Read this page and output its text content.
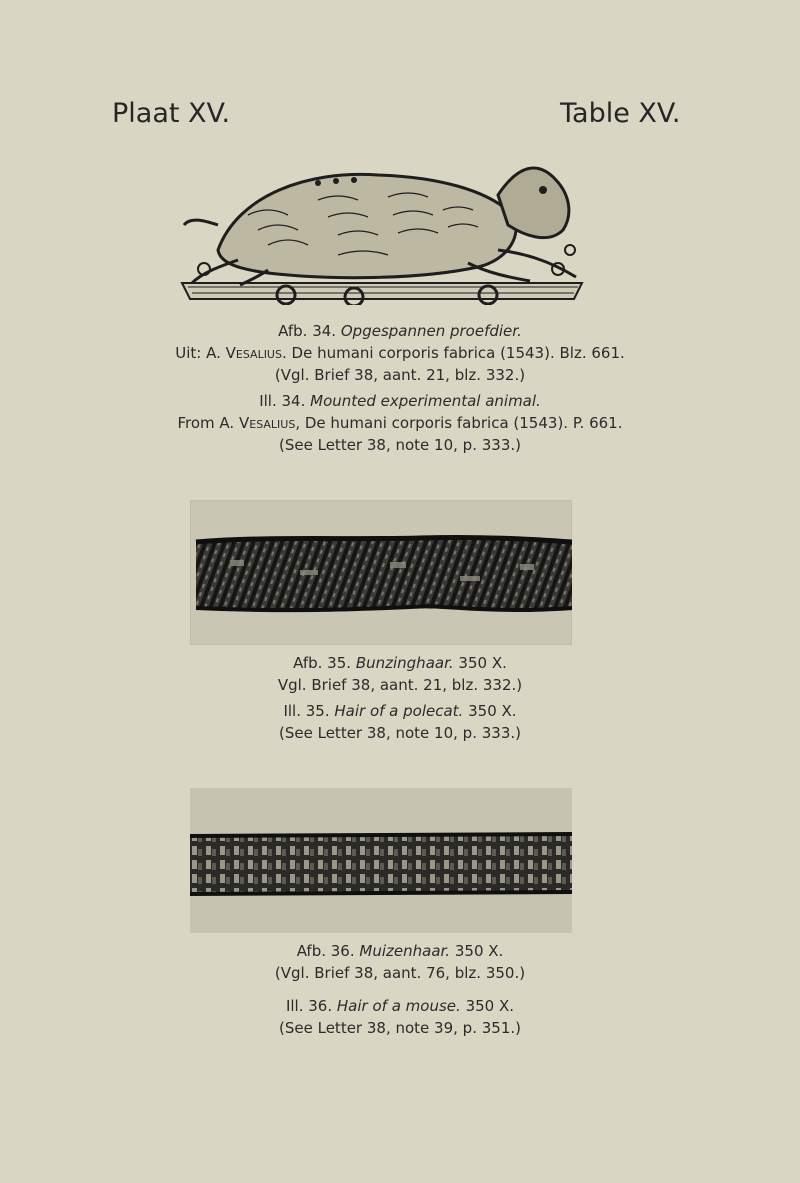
Plaat XV.	Table XV.
Afb. 34. Opgespannen proefdier.
Uit: A. Vesalius. De humani corporis fabrica (1543). Blz. 661.
(Vgl. Brief 38, aant. 21, blz. 332.)
Ill. 34. Mounted experimental animal.
From A. Vesalius, De humani corporis fabrica (1543). P. 661.
(See Letter 38, note 10, p. 333.)
Afb. 35. Bunzinghaar. 350 X.
Vgl. Brief 38, aant. 21, blz. 332.)
Ill. 35. Hair of a polecat. 350 X.
(See Letter 38, note 10, p. 333.)
Afb. 36. Muizenhaar. 350 X.
(Vgl. Brief 38, aant. 76, blz. 350.)
Ill. 36. Hair of a mouse. 350 X.
(See Letter 38, note 39, p. 351.)
